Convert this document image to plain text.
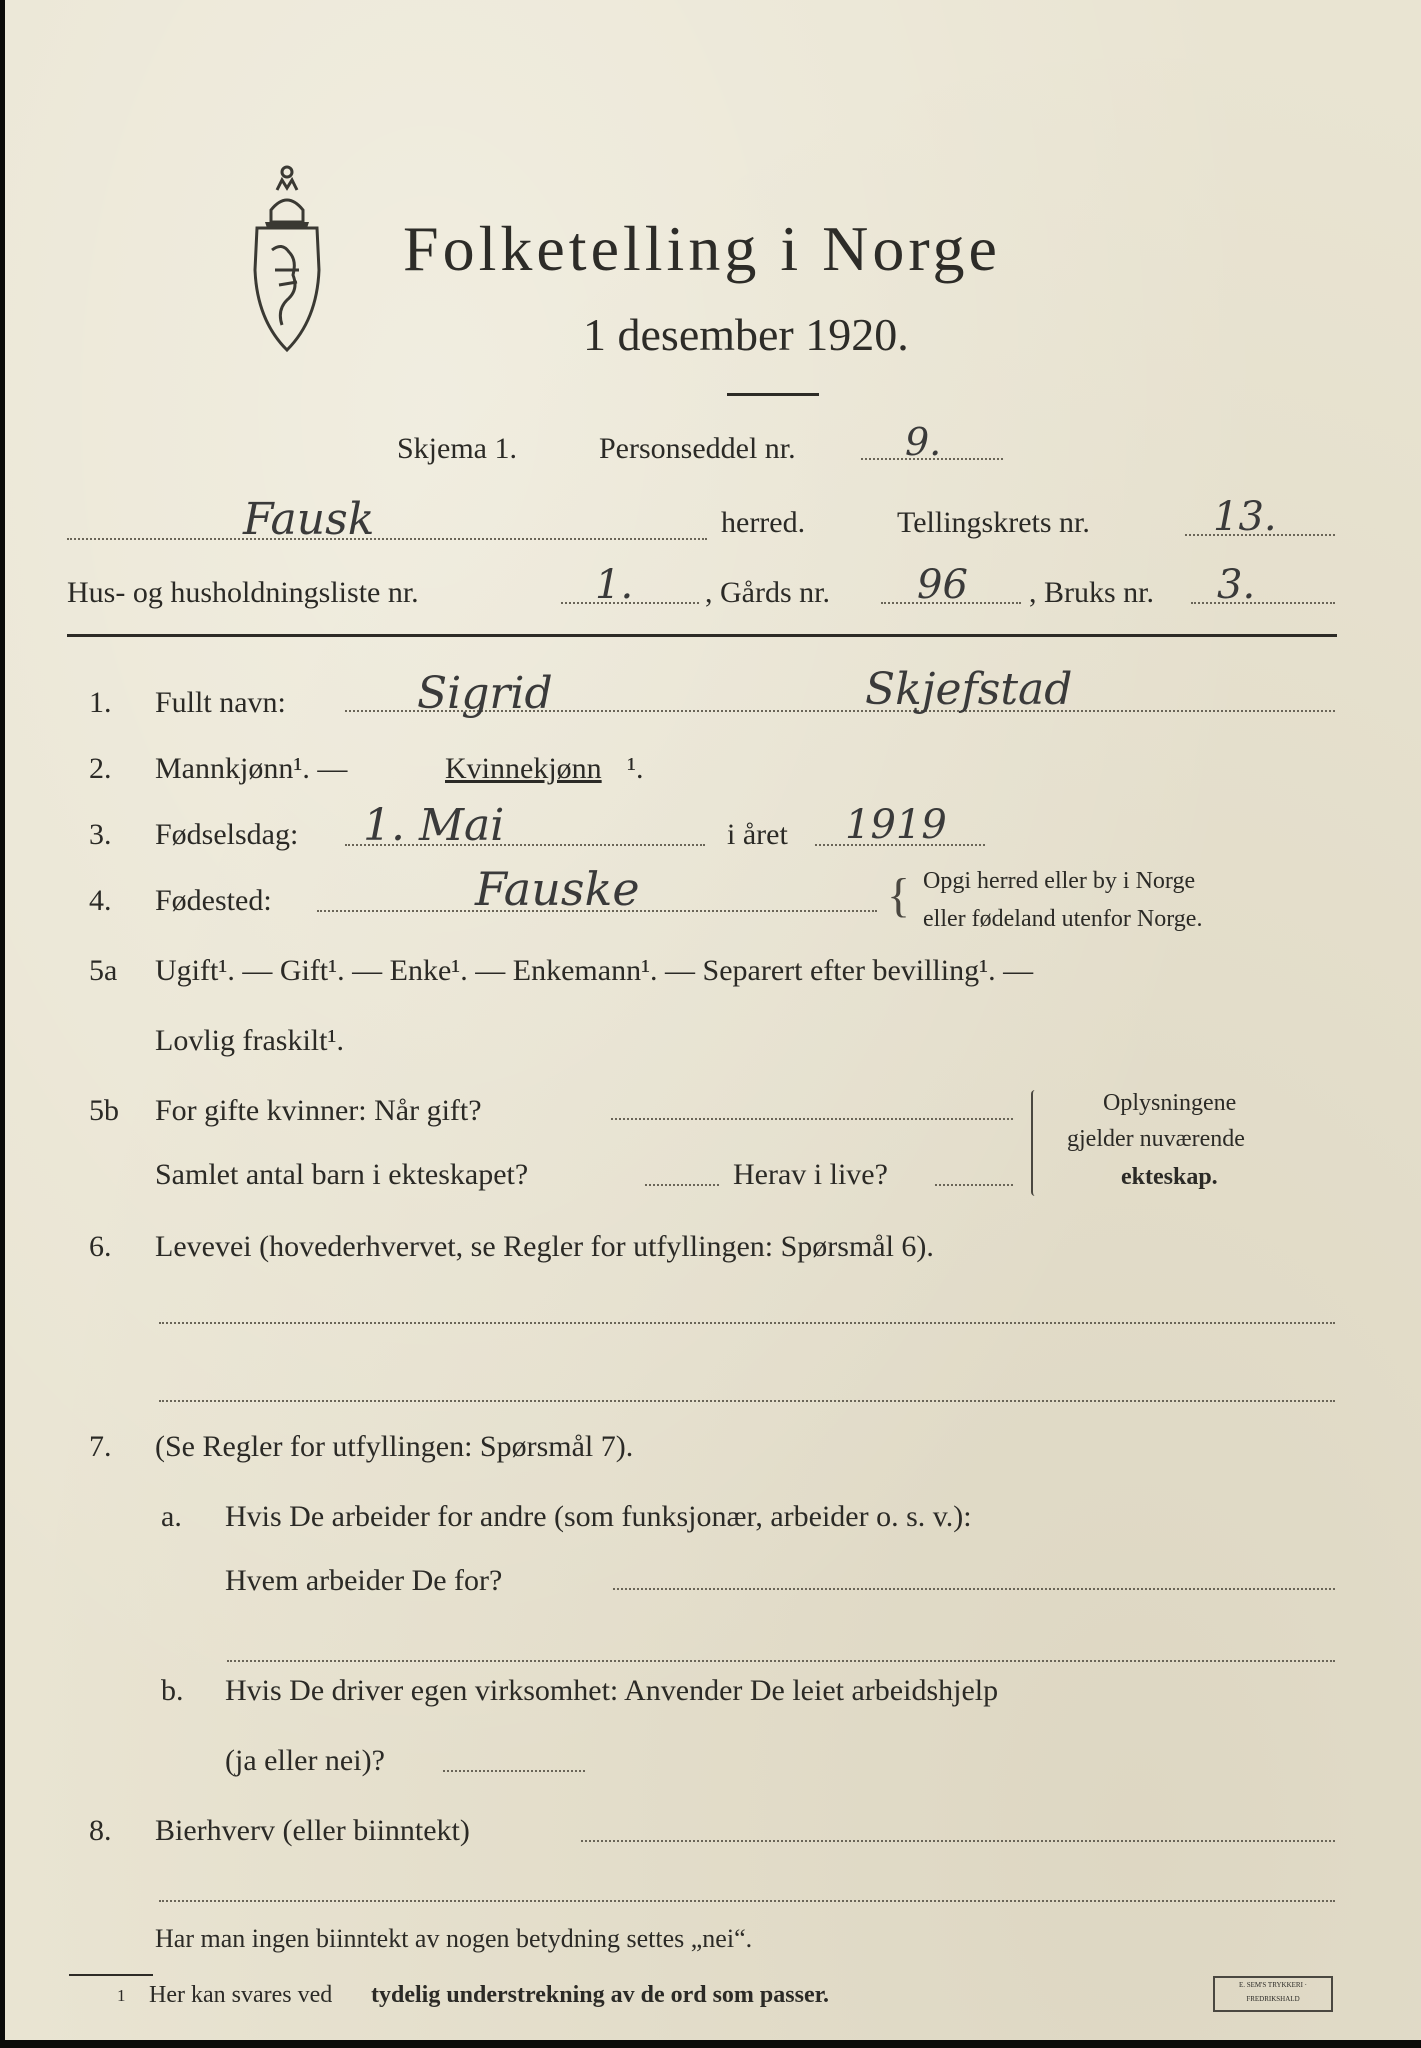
Folketelling i Norge
1 desember 1920.
Skjema 1.	Personseddel nr.	9.
Fausk	herred.	Tellingskrets nr.	13.
Hus- og husholdningsliste nr.	1. , Gårds nr. 96 , Bruks nr. 3.
1. Fullt navn:	Sigrid	Skjefstad
2. Mannkjønn¹. —	Kvinnekjønn ¹.
3. Fødselsdag: 1. Mai	i året 1919
4. Fødested:	Fauske	{ Opgi herred eller by i Norge
eller fødeland utenfor Norge.
5a Ugift¹. — Gift¹. — Enke¹. — Enkemann¹. — Separert efter bevilling¹. —
Lovlig fraskilt¹.
5b For gifte kvinner: Når gift?
Samlet antal barn i ekteskapet?	Herav i live?
Oplysningene
gjelder nuværende
ekteskap.
6. Levevei (hovederhvervet, se Regler for utfyllingen: Spørsmål 6).
7. (Se Regler for utfyllingen: Spørsmål 7).
a. Hvis De arbeider for andre (som funksjonær, arbeider o. s. v.):
Hvem arbeider De for?
b. Hvis De driver egen virksomhet: Anvender De leiet arbeidshjelp
(ja eller nei)?
8. Bierhverv (eller biinntekt)
Har man ingen biinntekt av nogen betydning settes „nei“.
1 Her kan svares ved tydelig understrekning av de ord som passer.	E. SEM'S TRYKKERI · FREDRIKSHALD
